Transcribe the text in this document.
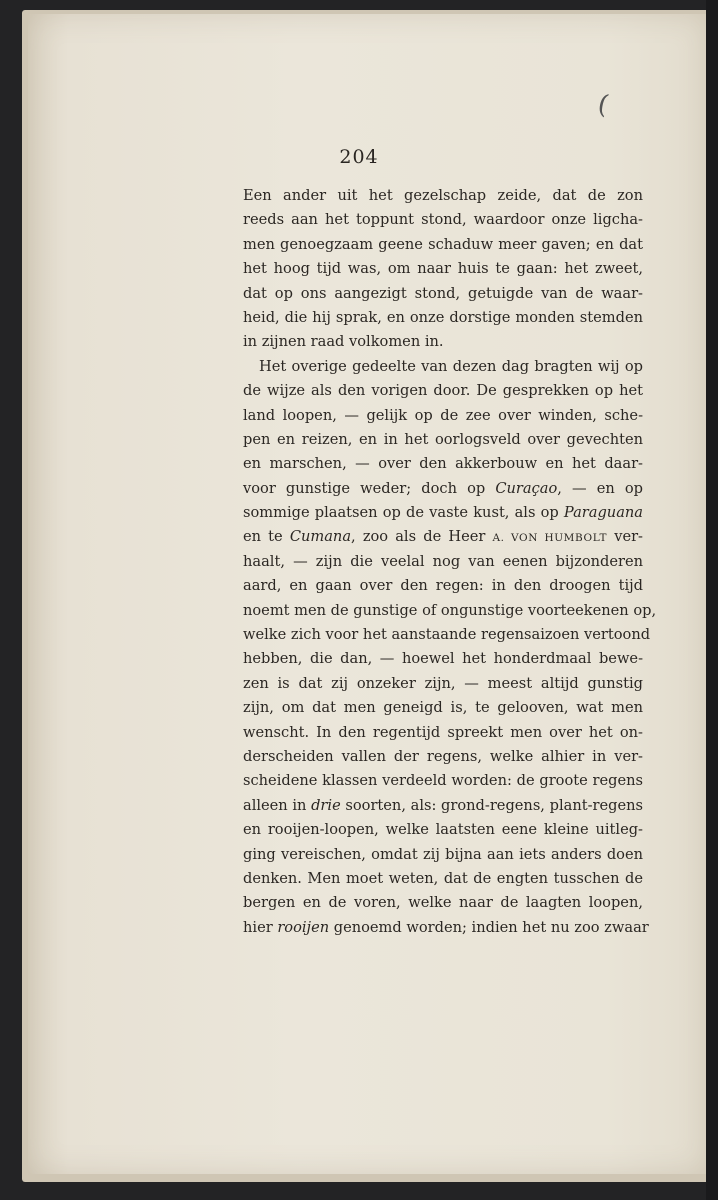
(
204
Een ander uit het gezelschap zeide, dat de zon
reeds aan het toppunt stond, waardoor onze ligcha-
men genoegzaam geene schaduw meer gaven; en dat
het hoog tijd was, om naar huis te gaan: het zweet,
dat op ons aangezigt stond, getuigde van de waar-
heid, die hij sprak, en onze dorstige monden stemden
in zijnen raad volkomen in.
Het overige gedeelte van dezen dag bragten wij op
de wijze als den vorigen door. De gesprekken op het
land loopen, — gelijk op de zee over winden, sche-
pen en reizen, en in het oorlogsveld over gevechten
en marschen, — over den akkerbouw en het daar-
voor gunstige weder; doch op Curaçao, — en op
sommige plaatsen op de vaste kust, als op Paraguana
en te Cumana, zoo als de Heer A. VON HUMBOLT ver-
haalt, — zijn die veelal nog van eenen bijzonderen
aard, en gaan over den regen: in den droogen tijd
noemt men de gunstige of ongunstige voorteekenen op,
welke zich voor het aanstaande regensaizoen vertoond
hebben, die dan, — hoewel het honderdmaal bewe-
zen is dat zij onzeker zijn, — meest altijd gunstig
zijn, om dat men geneigd is, te gelooven, wat men
wenscht. In den regentijd spreekt men over het on-
derscheiden vallen der regens, welke alhier in ver-
scheidene klassen verdeeld worden: de groote regens
alleen in drie soorten, als: grond-regens, plant-regens
en rooijen-loopen, welke laatsten eene kleine uitleg-
ging vereischen, omdat zij bijna aan iets anders doen
denken. Men moet weten, dat de engten tusschen de
bergen en de voren, welke naar de laagten loopen,
hier rooijen genoemd worden; indien het nu zoo zwaar
